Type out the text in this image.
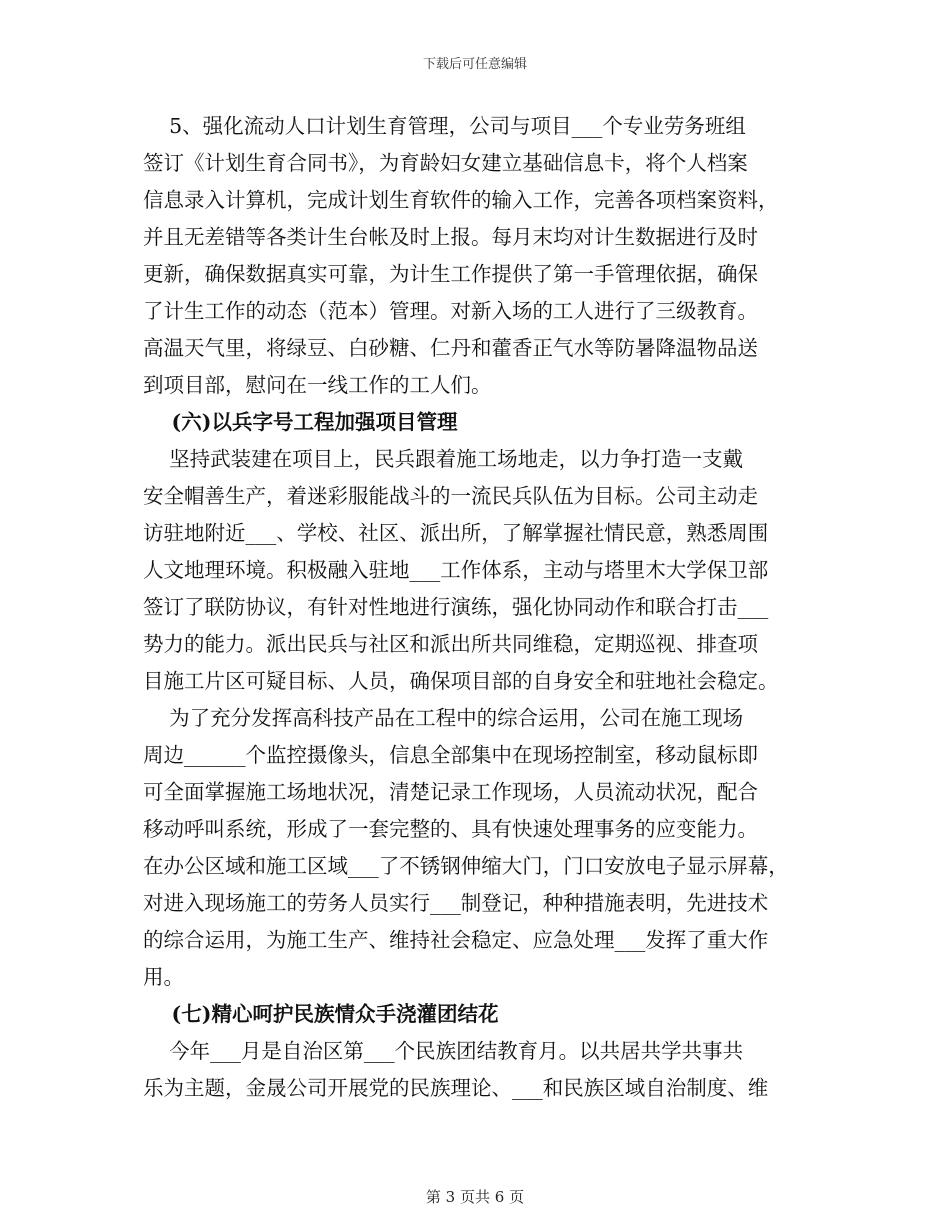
下载后可任意编辑
5、强化流动人口计划生育管理，公司与项目___个专业劳务班组
签订《计划生育合同书》，为育龄妇女建立基础信息卡，将个人档案
信息录入计算机，完成计划生育软件的输入工作，完善各项档案资料，
并且无差错等各类计生台帐及时上报。每月末均对计生数据进行及时
更新，确保数据真实可靠，为计生工作提供了第一手管理依据，确保
了计生工作的动态（范本）管理。对新入场的工人进行了三级教育。
高温天气里，将绿豆、白砂糖、仁丹和藿香正气水等防暑降温物品送
到项目部，慰问在一线工作的工人们。
(六)以兵字号工程加强项目管理
坚持武装建在项目上，民兵跟着施工场地走，以力争打造一支戴
安全帽善生产，着迷彩服能战斗的一流民兵队伍为目标。公司主动走
访驻地附近___、学校、社区、派出所，了解掌握社情民意，熟悉周围
人文地理环境。积极融入驻地___工作体系，主动与塔里木大学保卫部
签订了联防协议，有针对性地进行演练，强化协同动作和联合打击___
势力的能力。派出民兵与社区和派出所共同维稳，定期巡视、排查项
目施工片区可疑目标、人员，确保项目部的自身安全和驻地社会稳定。
为了充分发挥高科技产品在工程中的综合运用，公司在施工现场
周边______个监控摄像头，信息全部集中在现场控制室，移动鼠标即
可全面掌握施工场地状况，清楚记录工作现场，人员流动状况，配合
移动呼叫系统，形成了一套完整的、具有快速处理事务的应变能力。
在办公区域和施工区域___了不锈钢伸缩大门，门口安放电子显示屏幕，
对进入现场施工的劳务人员实行___制登记，种种措施表明，先进技术
的综合运用，为施工生产、维持社会稳定、应急处理___发挥了重大作
用。
(七)精心呵护民族情众手浇灌团结花
今年___月是自治区第___个民族团结教育月。以共居共学共事共
乐为主题，金晟公司开展党的民族理论、___和民族区域自治制度、维
第 3 页共 6 页
